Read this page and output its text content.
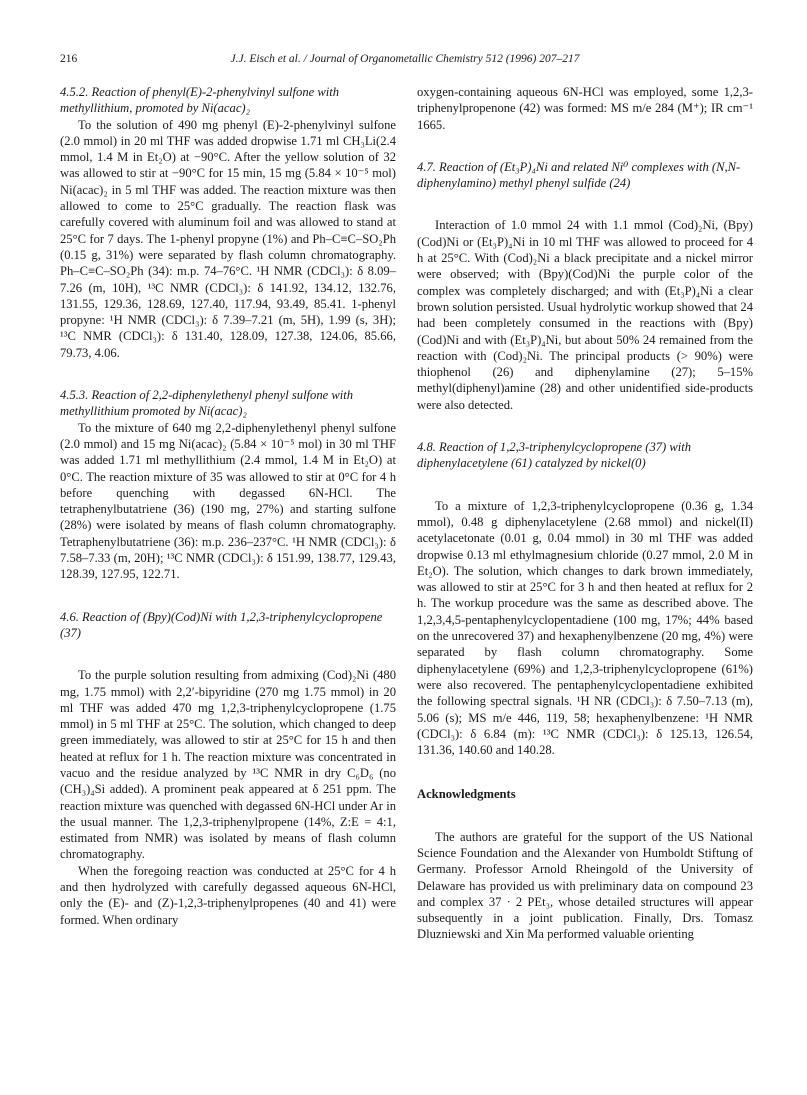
216	J.J. Eisch et al. / Journal of Organometallic Chemistry 512 (1996) 207–217

4.5.2. Reaction of phenyl(E)-2-phenylvinyl sulfone with methyllithium, promoted by Ni(acac)₂

To the solution of 490 mg phenyl (E)-2-phenylvinyl sulfone (2.0 mmol) in 20 ml THF was added dropwise 1.71 ml CH₃Li(2.4 mmol, 1.4 M in Et₂O) at −90°C. After the yellow solution of 32 was allowed to stir at −90°C for 15 min, 15 mg (5.84 × 10⁻⁵ mol) Ni(acac)₂ in 5 ml THF was added. The reaction mixture was then allowed to come to 25°C gradually. The reaction flask was carefully covered with aluminum foil and was allowed to stand at 25°C for 7 days. The 1-phenyl propyne (1%) and Ph–C≡C–SO₂Ph (0.15 g, 31%) were separated by flash column chromatography. Ph–C≡C–SO₂Ph (34): m.p. 74–76°C. ¹H NMR (CDCl₃): δ 8.09–7.26 (m, 10H), ¹³C NMR (CDCl₃): δ 141.92, 134.12, 132.76, 131.55, 129.36, 128.69, 127.40, 117.94, 93.49, 85.41. 1-phenyl propyne: ¹H NMR (CDCl₃): δ 7.39–7.21 (m, 5H), 1.99 (s, 3H); ¹³C NMR (CDCl₃): δ 131.40, 128.09, 127.38, 124.06, 85.66, 79.73, 4.06.

4.5.3. Reaction of 2,2-diphenylethenyl phenyl sulfone with methyllithium promoted by Ni(acac)₂

To the mixture of 640 mg 2,2-diphenylethenyl phenyl sulfone (2.0 mmol) and 15 mg Ni(acac)₂ (5.84 × 10⁻⁵ mol) in 30 ml THF was added 1.71 ml methyllithium (2.4 mmol, 1.4 M in Et₂O) at 0°C. The reaction mixture of 35 was allowed to stir at 0°C for 4 h before quenching with degassed 6N-HCl. The tetraphenylbutatriene (36) (190 mg, 27%) and starting sulfone (28%) were isolated by means of flash column chromatography. Tetraphenylbutatriene (36): m.p. 236–237°C. ¹H NMR (CDCl₃): δ 7.58–7.33 (m, 20H); ¹³C NMR (CDCl₃): δ 151.99, 138.77, 129.43, 128.39, 127.95, 122.71.

4.6. Reaction of (Bpy)(Cod)Ni with 1,2,3-triphenylcyclopropene (37)

To the purple solution resulting from admixing (Cod)₂Ni (480 mg, 1.75 mmol) with 2,2′-bipyridine (270 mg 1.75 mmol) in 20 ml THF was added 470 mg 1,2,3-triphenylcyclopropene (1.75 mmol) in 5 ml THF at 25°C. The solution, which changed to deep green immediately, was allowed to stir at 25°C for 15 h and then heated at reflux for 1 h. The reaction mixture was concentrated in vacuo and the residue analyzed by ¹³C NMR in dry C₆D₆ (no (CH₃)₄Si added). A prominent peak appeared at δ 251 ppm. The reaction mixture was quenched with degassed 6N-HCl under Ar in the usual manner. The 1,2,3-triphenylpropene (14%, Z:E = 4:1, estimated from NMR) was isolated by means of flash column chromatography.

When the foregoing reaction was conducted at 25°C for 4 h and then hydrolyzed with carefully degassed aqueous 6N-HCl, only the (E)- and (Z)-1,2,3-triphenylpropenes (40 and 41) were formed. When ordinary

oxygen-containing aqueous 6N-HCl was employed, some 1,2,3-triphenylpropenone (42) was formed: MS m/e 284 (M⁺); IR cm⁻¹ 1665.

4.7. Reaction of (Et₃P)₄Ni and related Ni⁰ complexes with (N,N-diphenylamino) methyl phenyl sulfide (24)

Interaction of 1.0 mmol 24 with 1.1 mmol (Cod)₂Ni, (Bpy)(Cod)Ni or (Et₃P)₄Ni in 10 ml THF was allowed to proceed for 4 h at 25°C. With (Cod)₂Ni a black precipitate and a nickel mirror were observed; with (Bpy)(Cod)Ni the purple color of the complex was completely discharged; and with (Et₃P)₄Ni a clear brown solution persisted. Usual hydrolytic workup showed that 24 had been completely consumed in the reactions with (Bpy)(Cod)Ni and with (Et₃P)₄Ni, but about 50% 24 remained from the reaction with (Cod)₂Ni. The principal products (> 90%) were thiophenol (26) and diphenylamine (27); 5–15% methyl(diphenyl)amine (28) and other unidentified side-products were also detected.

4.8. Reaction of 1,2,3-triphenylcyclopropene (37) with diphenylacetylene (61) catalyzed by nickel(0)

To a mixture of 1,2,3-triphenylcyclopropene (0.36 g, 1.34 mmol), 0.48 g diphenylacetylene (2.68 mmol) and nickel(II) acetylacetonate (0.01 g, 0.04 mmol) in 30 ml THF was added dropwise 0.13 ml ethylmagnesium chloride (0.27 mmol, 2.0 M in Et₂O). The solution, which changes to dark brown immediately, was allowed to stir at 25°C for 3 h and then heated at reflux for 2 h. The workup procedure was the same as described above. The 1,2,3,4,5-pentaphenylcyclopentadiene (100 mg, 17%; 44% based on the unrecovered 37) and hexaphenylbenzene (20 mg, 4%) were separated by flash column chromatography. Some diphenylacetylene (69%) and 1,2,3-triphenylcyclopropene (61%) were also recovered. The pentaphenylcyclopentadiene exhibited the following spectral signals. ¹H NR (CDCl₃): δ 7.50–7.13 (m), 5.06 (s); MS m/e 446, 119, 58; hexaphenylbenzene: ¹H NMR (CDCl₃): δ 6.84 (m): ¹³C NMR (CDCl₃): δ 125.13, 126.54, 131.36, 140.60 and 140.28.

Acknowledgments

The authors are grateful for the support of the US National Science Foundation and the Alexander von Humboldt Stiftung of Germany. Professor Arnold Rheingold of the University of Delaware has provided us with preliminary data on compound 23 and complex 37 · 2 PEt₃, whose detailed structures will appear subsequently in a joint publication. Finally, Drs. Tomasz Dluzniewski and Xin Ma performed valuable orienting
